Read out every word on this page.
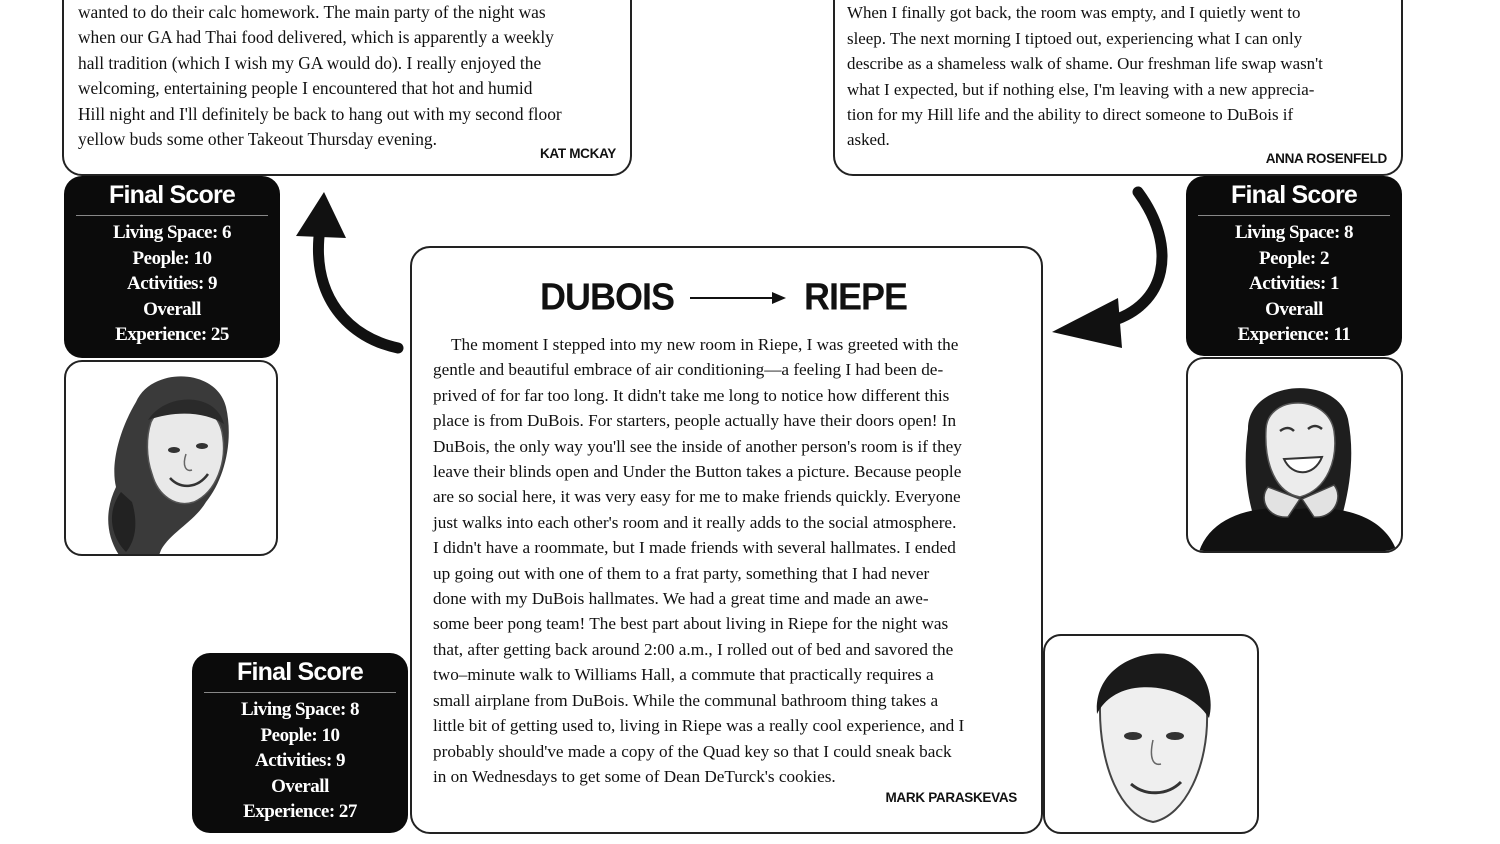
wanted to do their calc homework. The main party of the night was
when our GA had Thai food delivered, which is apparently a weekly
hall tradition (which I wish my GA would do). I really enjoyed the
welcoming, entertaining people I encountered that hot and humid
Hill night and I'll definitely be back to hang out with my second floor
yellow buds some other Takeout Thursday evening.
KAT MCKAY
When I finally got back, the room was empty, and I quietly went to
sleep. The next morning I tiptoed out, experiencing what I can only
describe as a shameless walk of shame. Our freshman life swap wasn't
what I expected, but if nothing else, I'm leaving with a new apprecia-
tion for my Hill life and the ability to direct someone to DuBois if
asked.
ANNA ROSENFELD
Final Score
Living Space: 6
People: 10
Activities: 9
Overall
Experience: 25
Final Score
Living Space: 8
People: 2
Activities: 1
Overall
Experience: 11
Final Score
Living Space: 8
People: 10
Activities: 9
Overall
Experience: 27
DUBOIS	RIEPE
The moment I stepped into my new room in Riepe, I was greeted with the
gentle and beautiful embrace of air conditioning—a feeling I had been de-
prived of for far too long. It didn't take me long to notice how different this
place is from DuBois. For starters, people actually have their doors open! In
DuBois, the only way you'll see the inside of another person's room is if they
leave their blinds open and Under the Button takes a picture. Because people
are so social here, it was very easy for me to make friends quickly. Everyone
just walks into each other's room and it really adds to the social atmosphere.
I didn't have a roommate, but I made friends with several hallmates. I ended
up going out with one of them to a frat party, something that I had never
done with my DuBois hallmates. We had a great time and made an awe-
some beer pong team! The best part about living in Riepe for the night was
that, after getting back around 2:00 a.m., I rolled out of bed and savored the
two–minute walk to Williams Hall, a commute that practically requires a
small airplane from DuBois. While the communal bathroom thing takes a
little bit of getting used to, living in Riepe was a really cool experience, and I
probably should've made a copy of the Quad key so that I could sneak back
in on Wednesdays to get some of Dean DeTurck's cookies.
MARK PARASKEVAS
